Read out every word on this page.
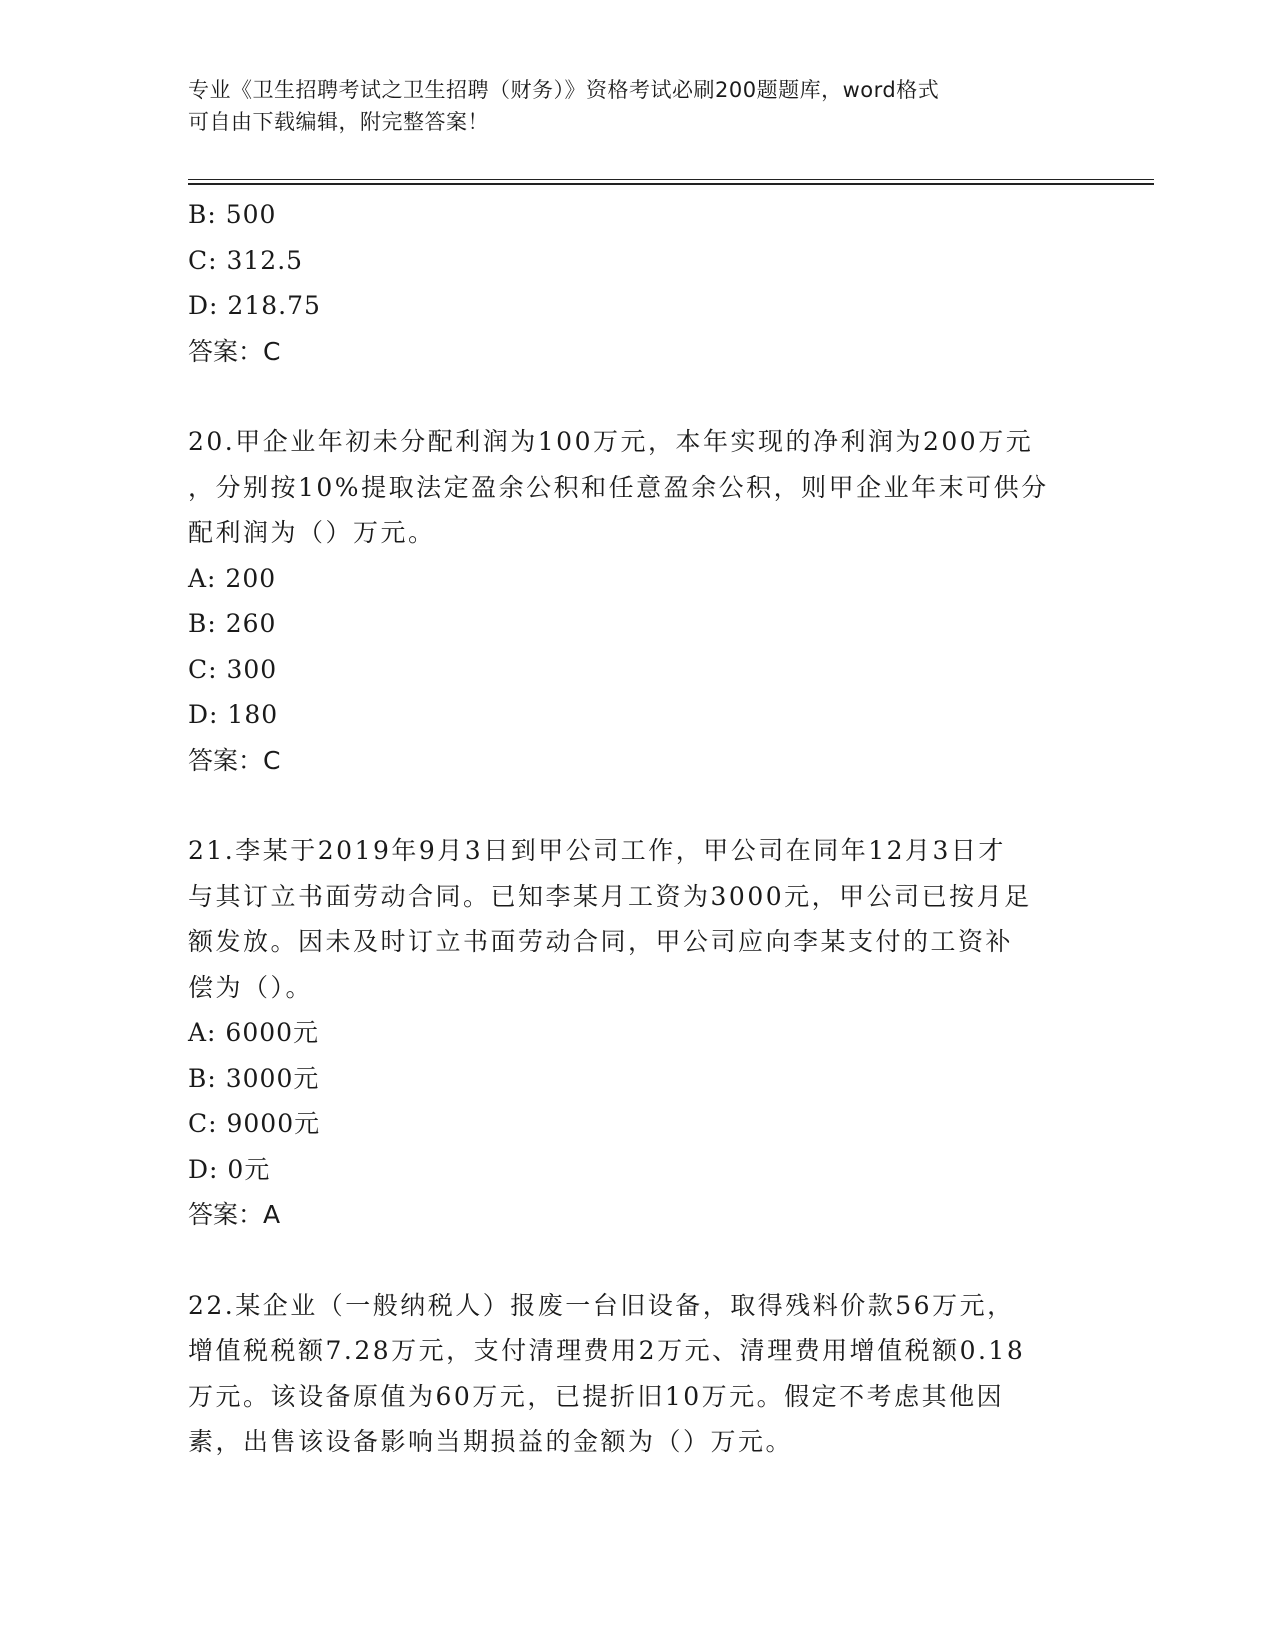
专业《卫生招聘考试之卫生招聘（财务）》资格考试必刷200题题库，word格式
可自由下载编辑，附完整答案！
B: 500
C: 312.5
D: 218.75
答案：C
20.甲企业年初未分配利润为100万元，本年实现的净利润为200万元
，分别按10%提取法定盈余公积和任意盈余公积，则甲企业年末可供分
配利润为（）万元。
A: 200
B: 260
C: 300
D: 180
答案：C
21.李某于2019年9月3日到甲公司工作，甲公司在同年12月3日才
与其订立书面劳动合同。已知李某月工资为3000元，甲公司已按月足
额发放。因未及时订立书面劳动合同，甲公司应向李某支付的工资补
偿为（）。
A: 6000元
B: 3000元
C: 9000元
D: 0元
答案：A
22.某企业（一般纳税人）报废一台旧设备，取得残料价款56万元，
增值税税额7.28万元，支付清理费用2万元、清理费用增值税额0.18
万元。该设备原值为60万元，已提折旧10万元。假定不考虑其他因
素，出售该设备影响当期损益的金额为（）万元。
